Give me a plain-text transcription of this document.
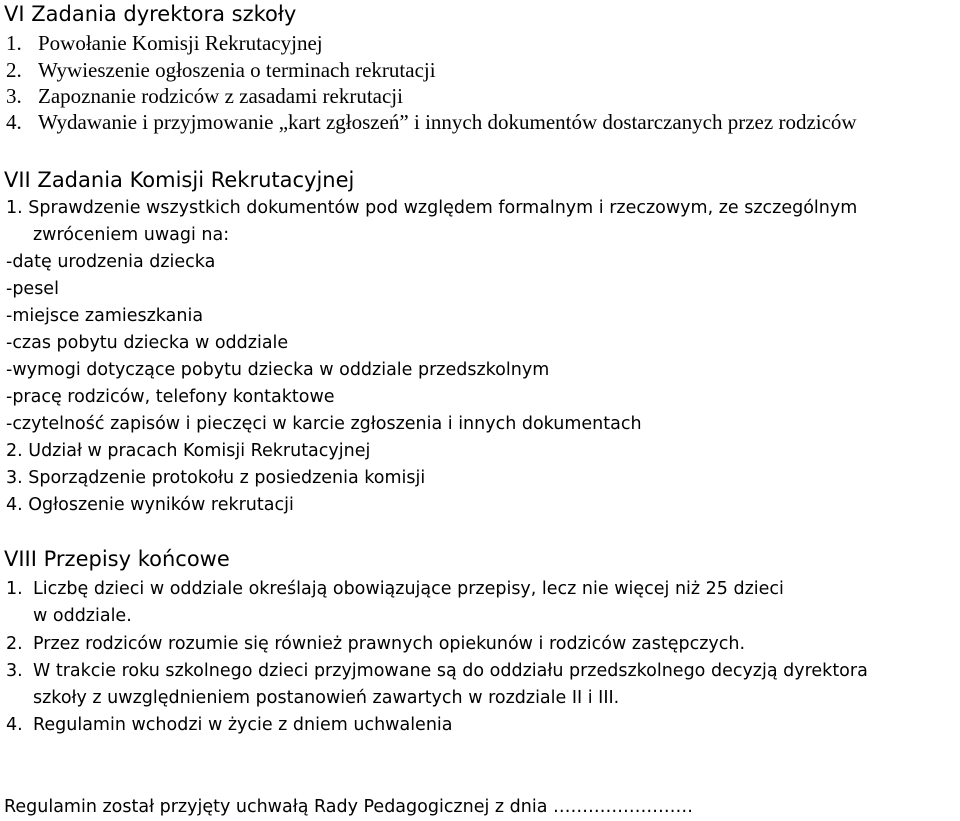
VI Zadania dyrektora szkoły
1. Powołanie Komisji Rekrutacyjnej
2. Wywieszenie ogłoszenia o terminach rekrutacji
3. Zapoznanie rodziców z zasadami rekrutacji
4. Wydawanie i przyjmowanie „kart zgłoszeń” i innych dokumentów dostarczanych przez rodziców
VII Zadania Komisji Rekrutacyjnej
1. Sprawdzenie wszystkich dokumentów pod względem formalnym i rzeczowym, ze szczególnym
zwróceniem uwagi na:
-datę urodzenia dziecka
-pesel
-miejsce zamieszkania
-czas pobytu dziecka w oddziale
-wymogi dotyczące pobytu dziecka w oddziale przedszkolnym
-pracę rodziców, telefony kontaktowe
-czytelność zapisów i pieczęci w karcie zgłoszenia i innych dokumentach
2. Udział w pracach Komisji Rekrutacyjnej
3. Sporządzenie protokołu z posiedzenia komisji
4. Ogłoszenie wyników rekrutacji
VIII Przepisy końcowe
1. Liczbę dzieci w oddziale określają obowiązujące przepisy, lecz nie więcej niż 25 dzieci
w oddziale.
2. Przez rodziców rozumie się również prawnych opiekunów i rodziców zastępczych.
3. W trakcie roku szkolnego dzieci przyjmowane są do oddziału przedszkolnego decyzją dyrektora
szkoły z uwzględnieniem postanowień zawartych w rozdziale II i III.
4. Regulamin wchodzi w życie z dniem uchwalenia
Regulamin został przyjęty uchwałą Rady Pedagogicznej z dnia ……………………
